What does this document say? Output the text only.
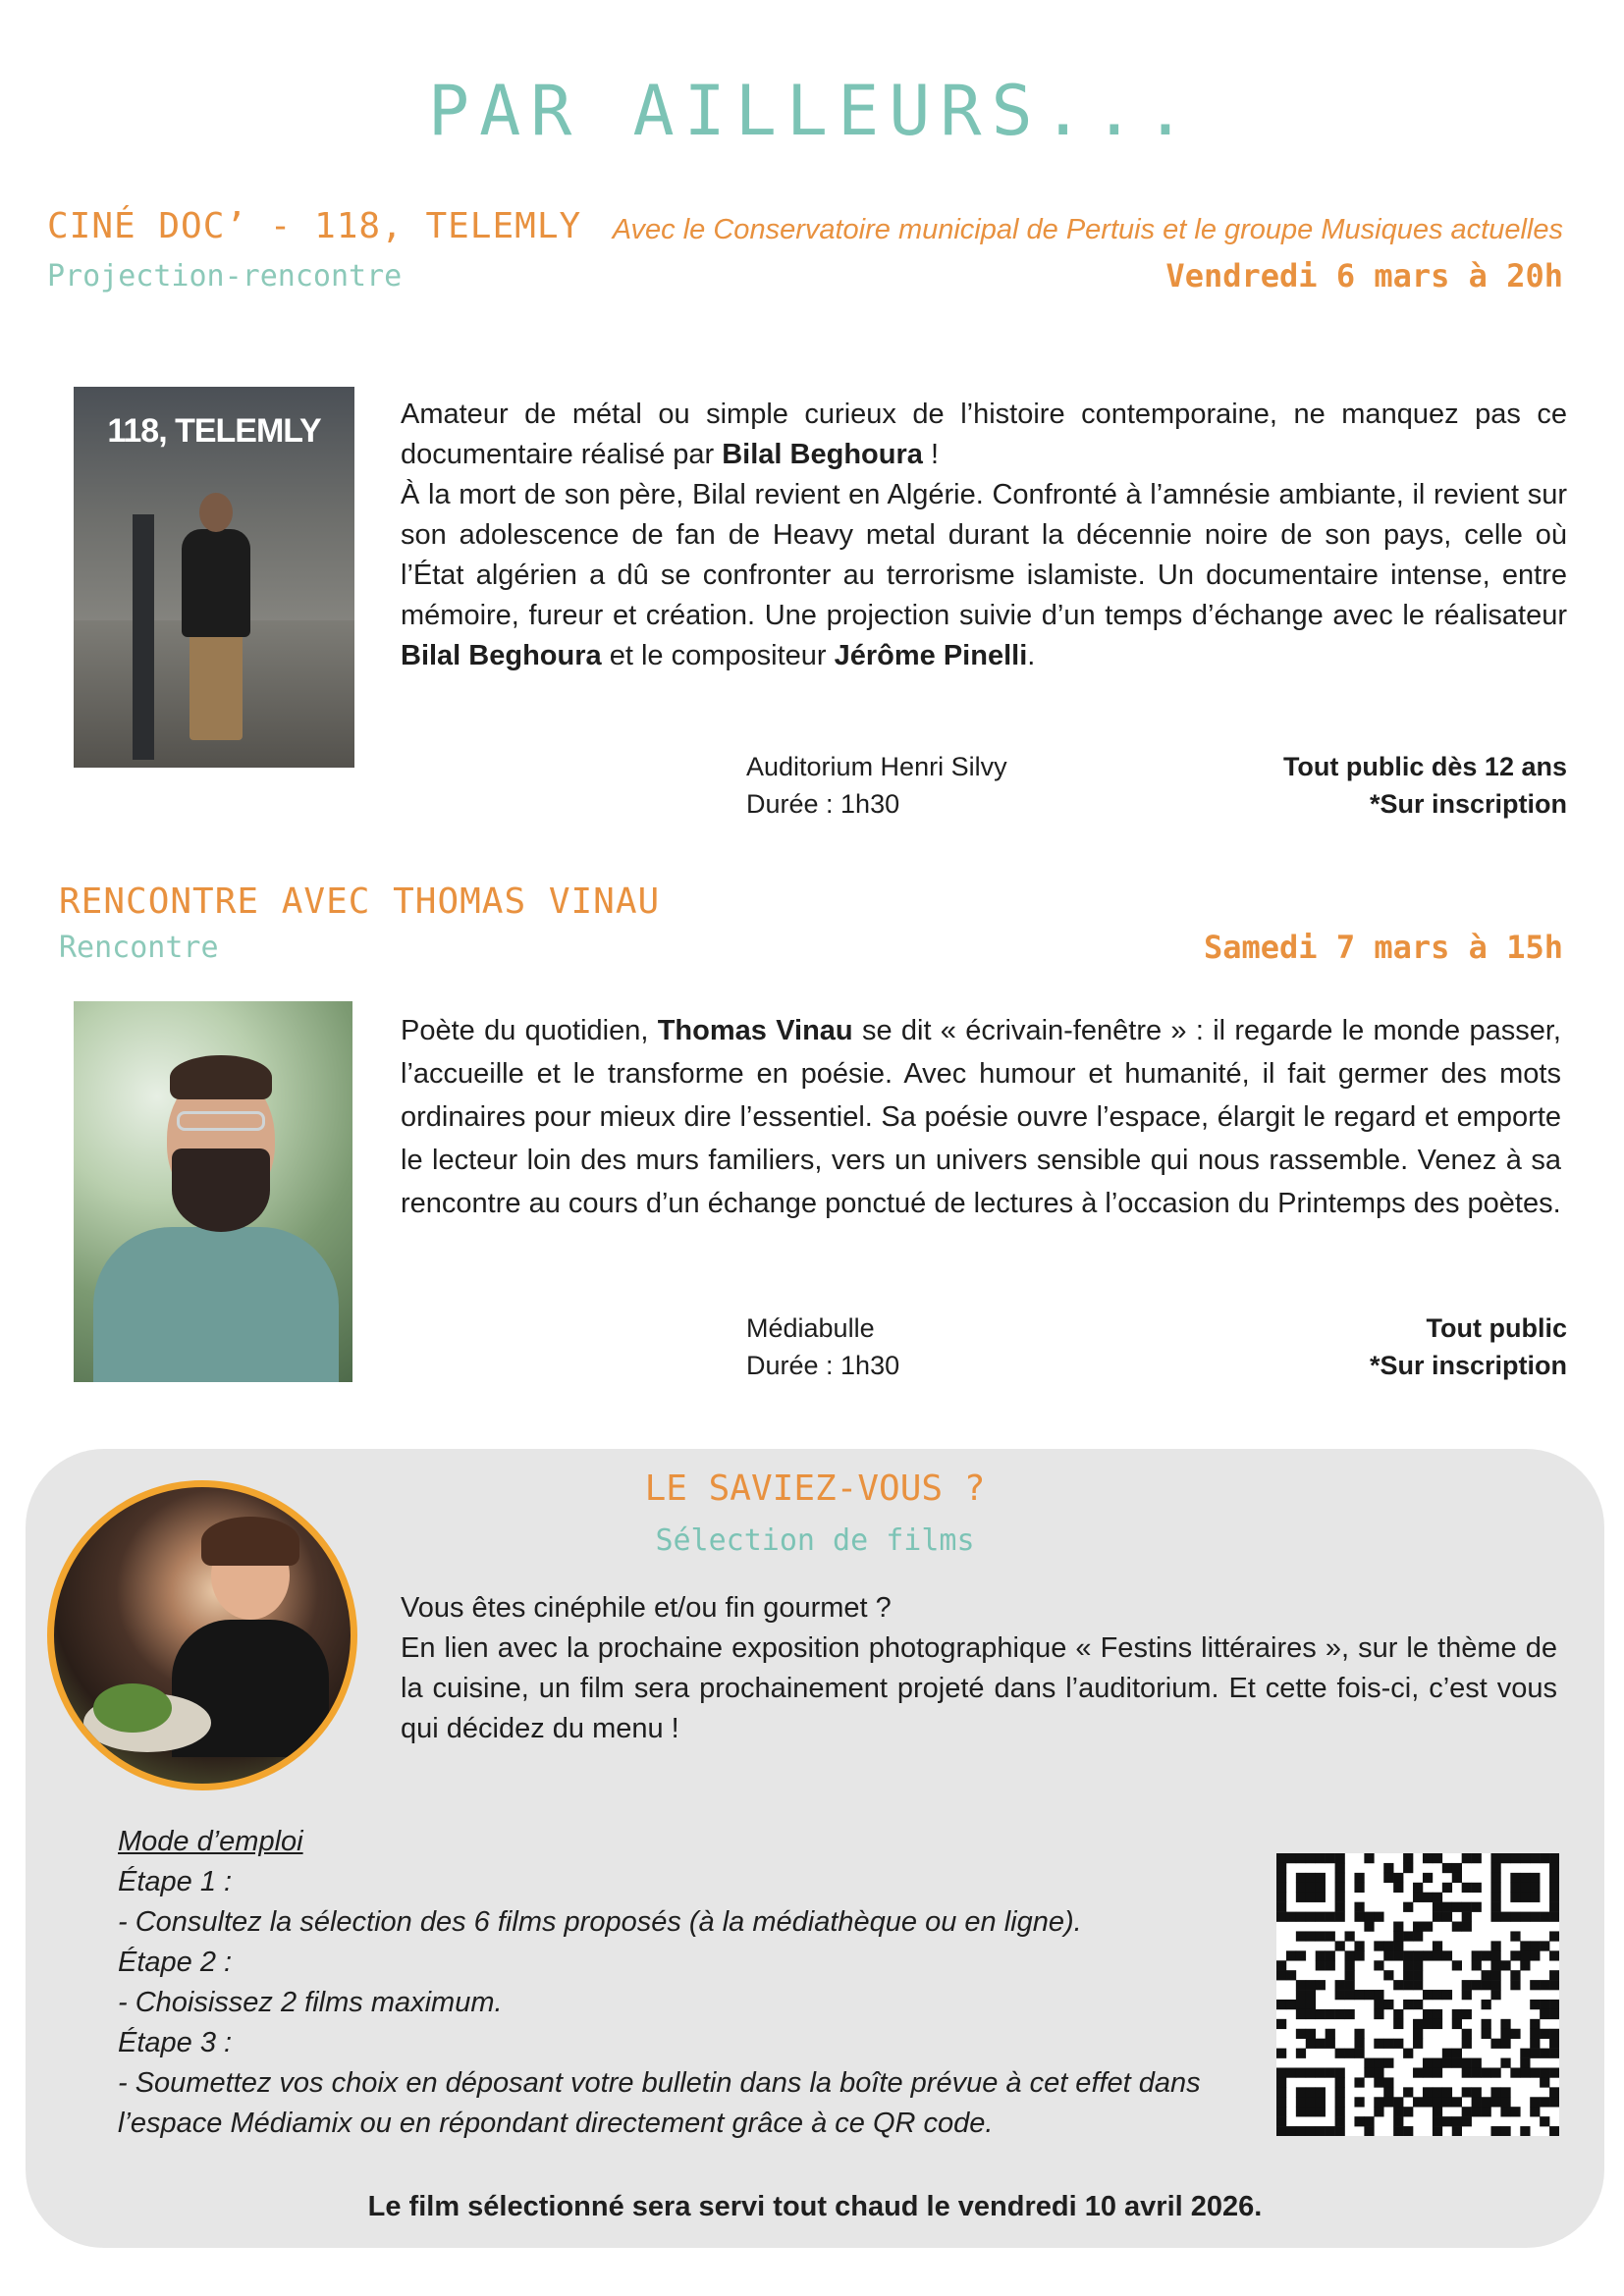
PAR AILLEURS...
CINÉ DOC’ - 118, TELEMLY
Projection-rencontre
Avec le Conservatoire municipal de Pertuis et le groupe Musiques actuelles
Vendredi 6 mars à 20h
118, TELEMLY	Amateur de métal ou simple curieux de l’histoire contemporaine, ne manquez pas ce documentaire réalisé par Bilal Beghoura !
À la mort de son père, Bilal revient en Algérie. Confronté à l’amnésie ambiante, il revient sur son adolescence de fan de Heavy metal durant la décennie noire de son pays, celle où l’État algérien a dû se confronter au terrorisme islamiste. Un documentaire intense, entre mémoire, fureur et création. Une projection suivie d’un temps d’échange avec le réalisateur Bilal Beghoura et le compositeur Jérôme Pinelli.
Auditorium Henri Silvy
Durée : 1h30
Tout public dès 12 ans
*Sur inscription
RENCONTRE AVEC THOMAS VINAU
Rencontre	Samedi 7 mars à 15h
Poète du quotidien, Thomas Vinau se dit « écrivain-fenêtre » : il regarde le monde passer, l’accueille et le transforme en poésie. Avec humour et humanité, il fait germer des mots ordinaires pour mieux dire l’essentiel. Sa poésie ouvre l’espace, élargit le regard et emporte le lecteur loin des murs familiers, vers un univers sensible qui nous rassemble. Venez à sa rencontre au cours d’un échange ponctué de lectures à l’occasion du Printemps des poètes.
Médiabulle
Durée : 1h30
Tout public
*Sur inscription
LE SAVIEZ-VOUS ?
Sélection de films
Vous êtes cinéphile et/ou fin gourmet ?
En lien avec la prochaine exposition photographique « Festins littéraires », sur le thème de la cuisine, un film sera prochainement projeté dans l’auditorium. Et cette fois-ci, c’est vous qui décidez du menu !
Mode d’emploi
Étape 1 :
- Consultez la sélection des 6 films proposés (à la médiathèque ou en ligne).
Étape 2 :
- Choisissez 2 films maximum.
Étape 3 :
- Soumettez vos choix en déposant votre bulletin dans la boîte prévue à cet effet dans l’espace Médiamix ou en répondant directement grâce à ce QR code.
Le film sélectionné sera servi tout chaud le vendredi 10 avril 2026.
